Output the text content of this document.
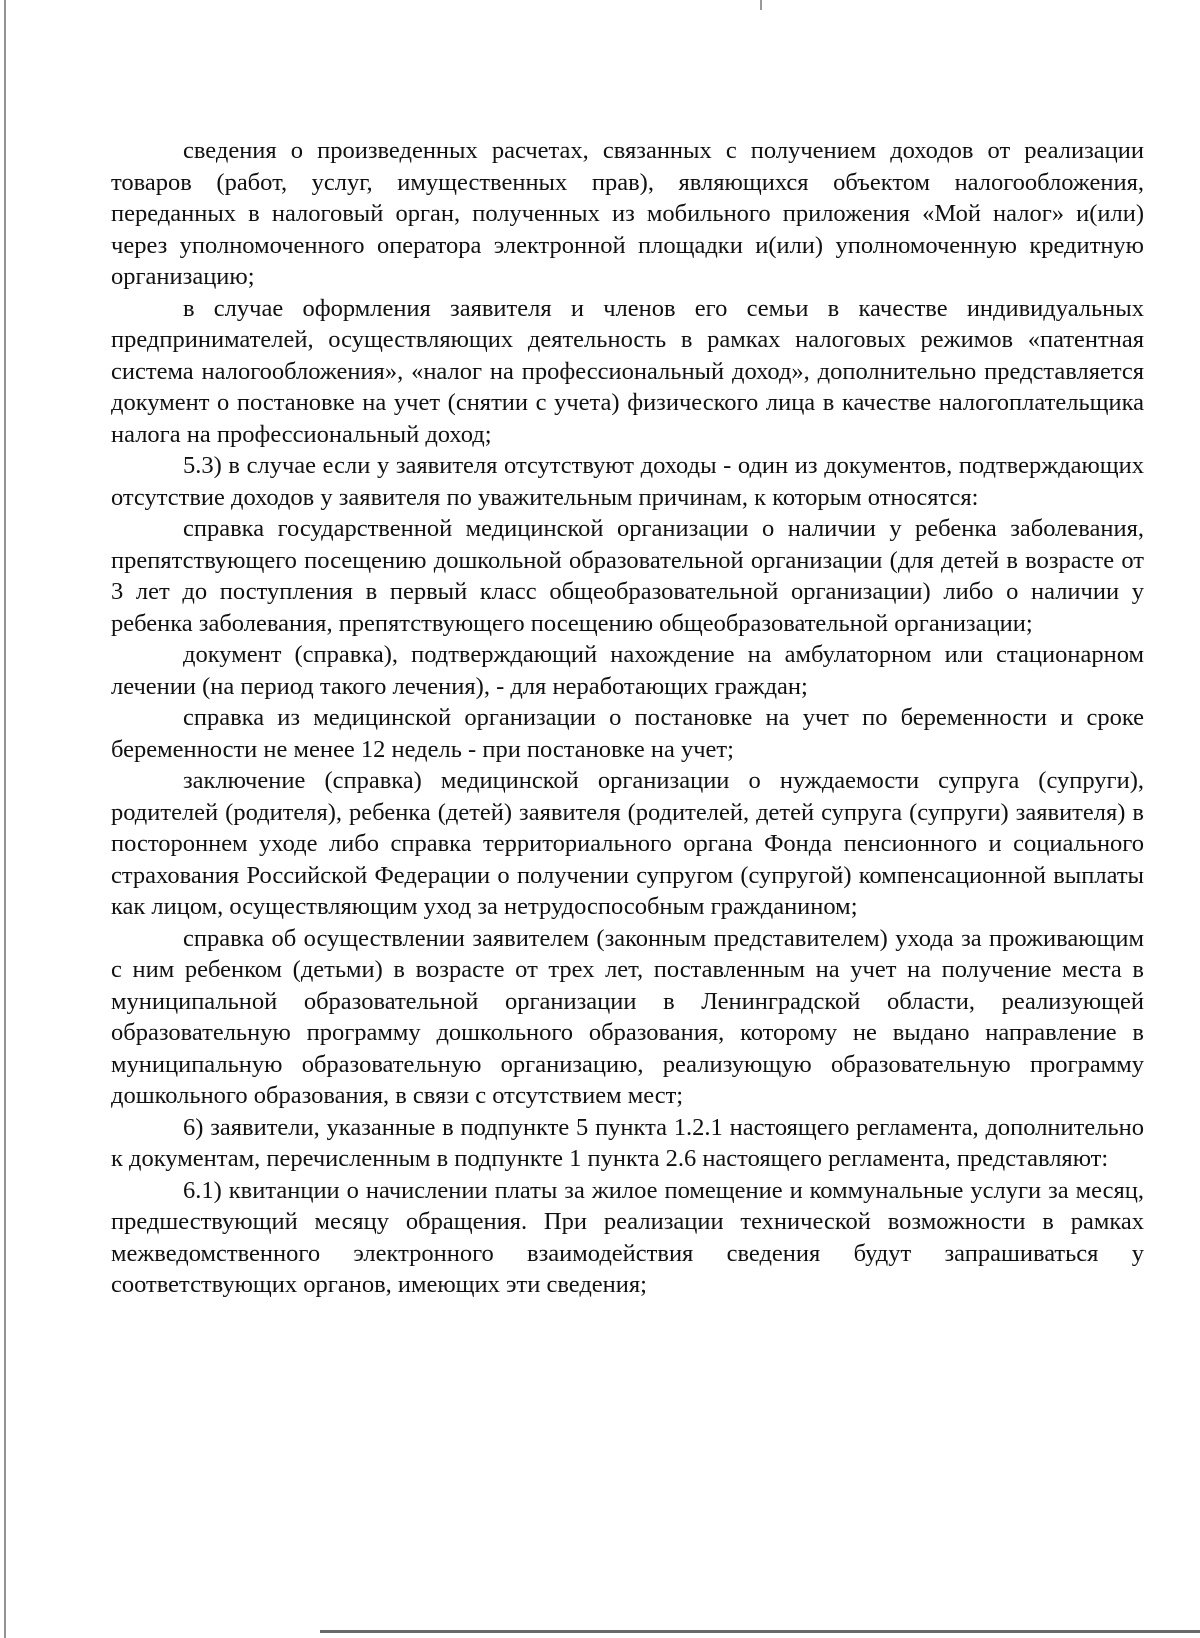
сведения о произведенных расчетах, связанных с получением доходов от реализации товаров (работ, услуг, имущественных прав), являющихся объектом налогообложения, переданных в налоговый орган, полученных из мобильного приложения «Мой налог» и(или) через уполномоченного оператора электронной площадки и(или) уполномоченную кредитную организацию;

в случае оформления заявителя и членов его семьи в качестве индивидуальных предпринимателей, осуществляющих деятельность в рамках налоговых режимов «патентная система налогообложения», «налог на профессиональный доход», дополнительно представляется документ о постановке на учет (снятии с учета) физического лица в качестве налогоплательщика налога на профессиональный доход;

5.3) в случае если у заявителя отсутствуют доходы - один из документов, подтверждающих отсутствие доходов у заявителя по уважительным причинам, к которым относятся:

справка государственной медицинской организации о наличии у ребенка заболевания, препятствующего посещению дошкольной образовательной организации (для детей в возрасте от 3 лет до поступления в первый класс общеобразовательной организации) либо о наличии у ребенка заболевания, препятствующего посещению общеобразовательной организации;

документ (справка), подтверждающий нахождение на амбулаторном или стационарном лечении (на период такого лечения), - для неработающих граждан;

справка из медицинской организации о постановке на учет по беременности и сроке беременности не менее 12 недель - при постановке на учет;

заключение (справка) медицинской организации о нуждаемости супруга (супруги), родителей (родителя), ребенка (детей) заявителя (родителей, детей супруга (супруги) заявителя) в постороннем уходе либо справка территориального органа Фонда пенсионного и социального страхования Российской Федерации о получении супругом (супругой) компенсационной выплаты как лицом, осуществляющим уход за нетрудоспособным гражданином;

справка об осуществлении заявителем (законным представителем) ухода за проживающим с ним ребенком (детьми) в возрасте от трех лет, поставленным на учет на получение места в муниципальной образовательной организации в Ленинградской области, реализующей образовательную программу дошкольного образования, которому не выдано направление в муниципальную образовательную организацию, реализующую образовательную программу дошкольного образования, в связи с отсутствием мест;

6) заявители, указанные в подпункте 5 пункта 1.2.1 настоящего регламента, дополнительно к документам, перечисленным в подпункте 1 пункта 2.6 настоящего регламента, представляют:

6.1) квитанции о начислении платы за жилое помещение и коммунальные услуги за месяц, предшествующий месяцу обращения. При реализации технической возможности в рамках межведомственного электронного взаимодействия сведения будут запрашиваться у соответствующих органов, имеющих эти сведения;
